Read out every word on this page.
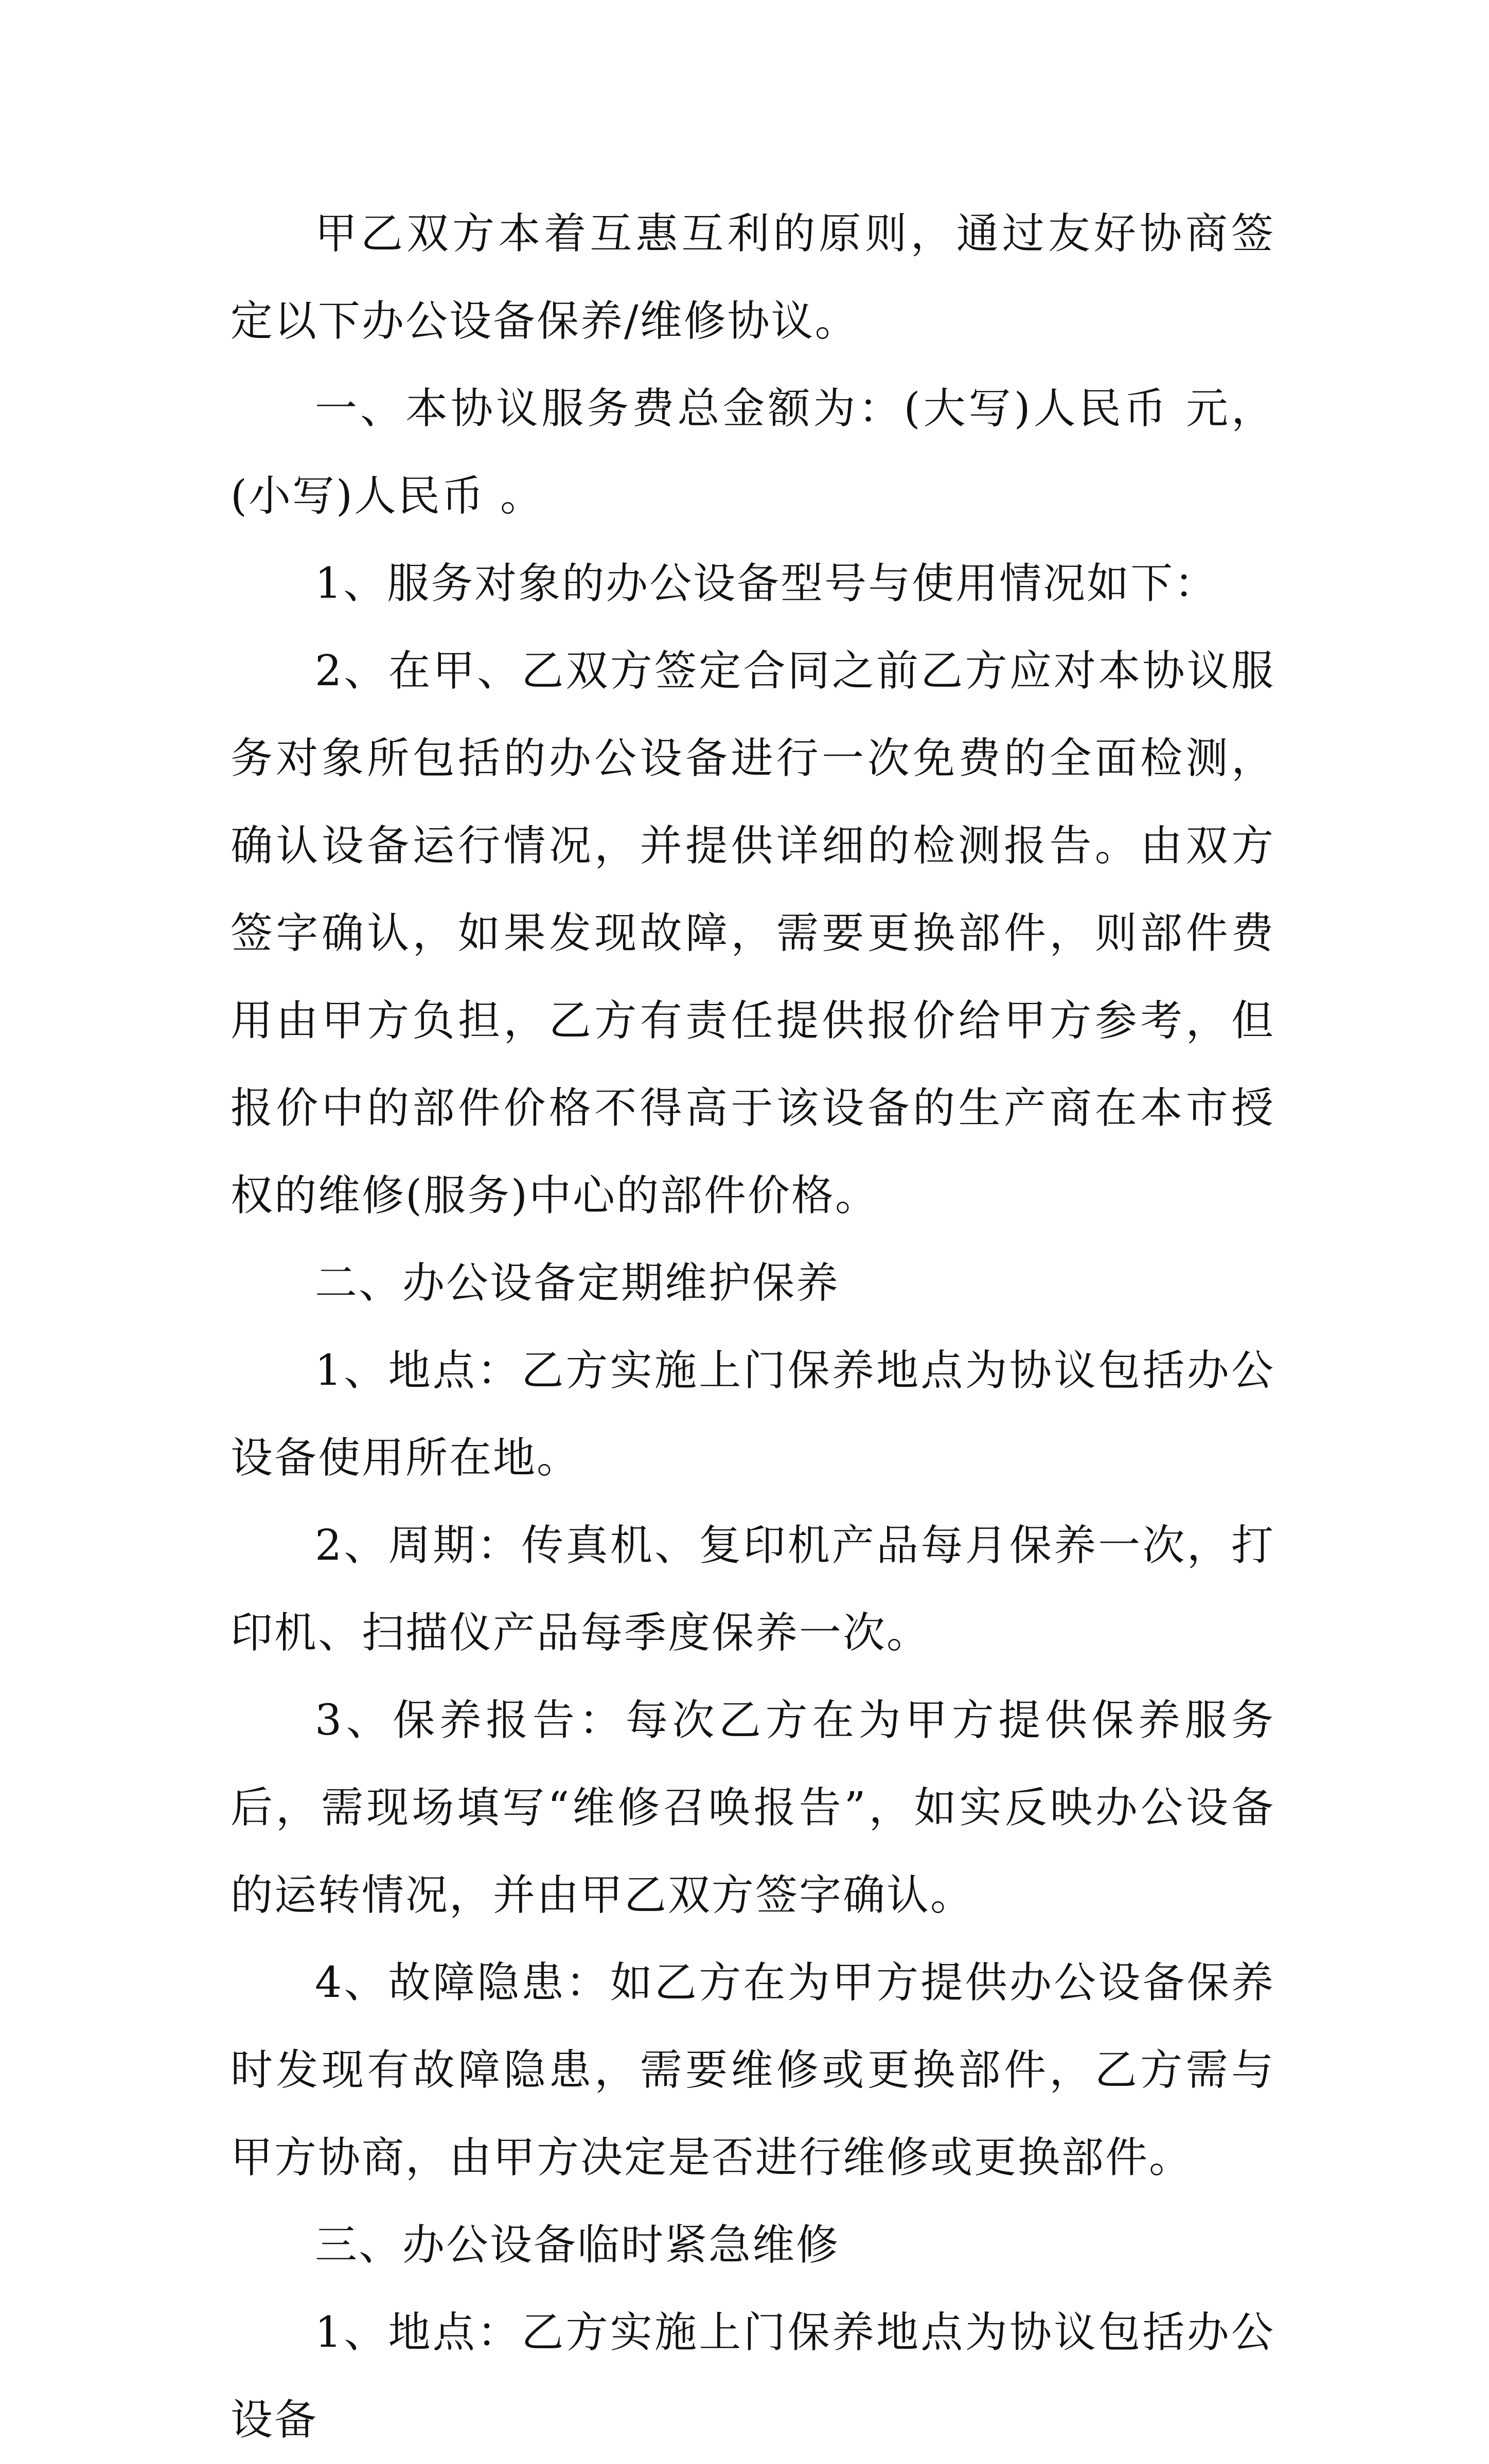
甲乙双方本着互惠互利的原则，通过友好协商签定以下办公设备保养/维修协议。

一、本协议服务费总金额为：(大写)人民币 元，(小写)人民币 。

1、服务对象的办公设备型号与使用情况如下：

2、在甲、乙双方签定合同之前乙方应对本协议服务对象所包括的办公设备进行一次免费的全面检测，确认设备运行情况，并提供详细的检测报告。由双方签字确认，如果发现故障，需要更换部件，则部件费用由甲方负担，乙方有责任提供报价给甲方参考，但报价中的部件价格不得高于该设备的生产商在本市授权的维修(服务)中心的部件价格。

二、办公设备定期维护保养

1、地点：乙方实施上门保养地点为协议包括办公设备使用所在地。

2、周期：传真机、复印机产品每月保养一次，打印机、扫描仪产品每季度保养一次。

3、保养报告：每次乙方在为甲方提供保养服务后，需现场填写“维修召唤报告”，如实反映办公设备的运转情况，并由甲乙双方签字确认。

4、故障隐患：如乙方在为甲方提供办公设备保养时发现有故障隐患，需要维修或更换部件，乙方需与甲方协商，由甲方决定是否进行维修或更换部件。

三、办公设备临时紧急维修

1、地点：乙方实施上门保养地点为协议包括办公设备
